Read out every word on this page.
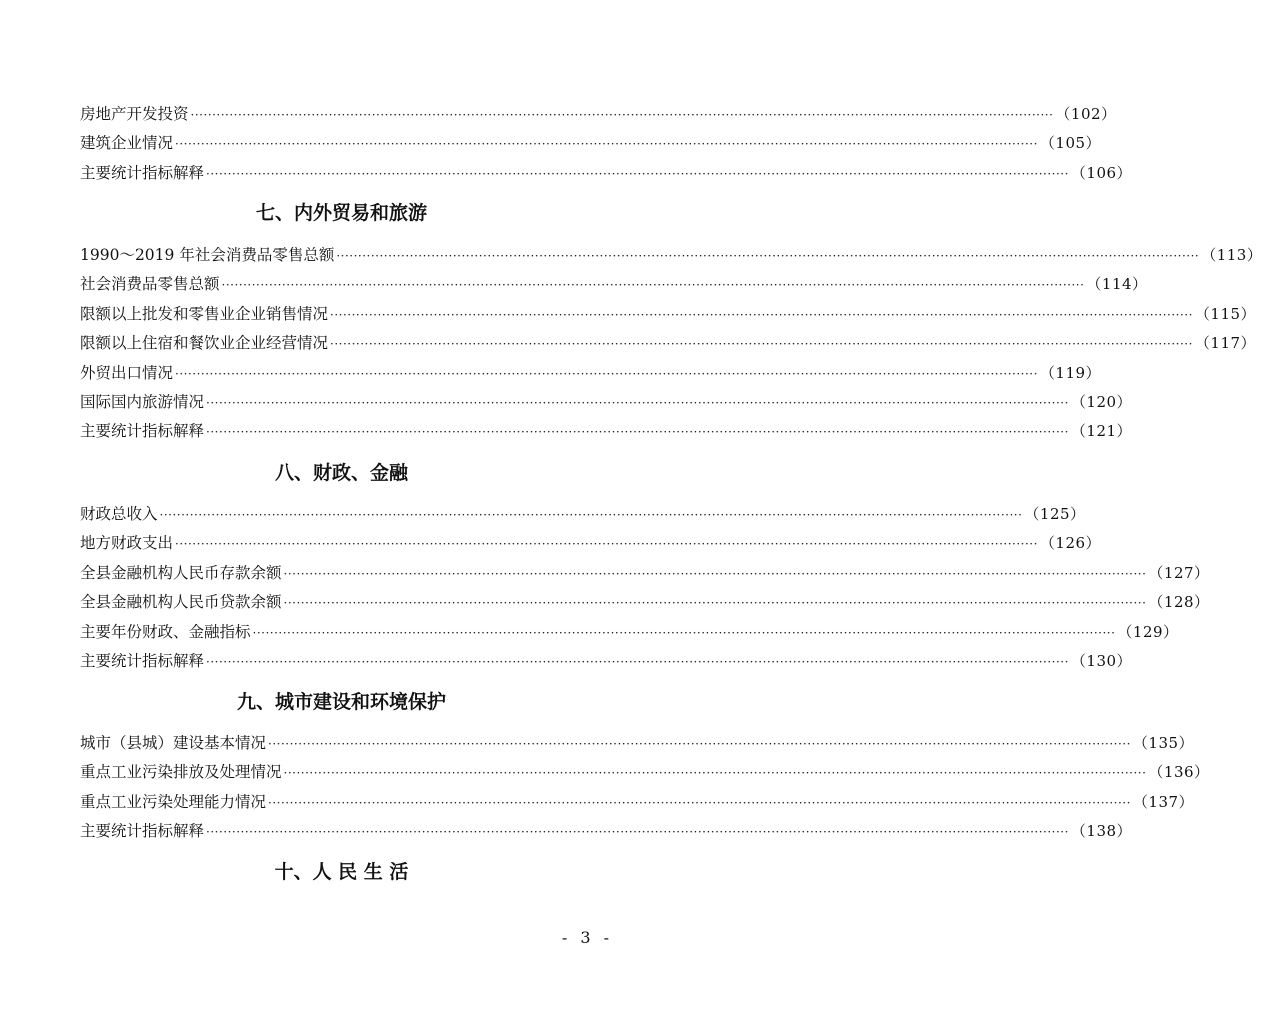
房地产开发投资 ········································································································································································································ （102）
建筑企业情况 ········································································································································································································ （105）
主要统计指标解释 ········································································································································································································ （106）
七、内外贸易和旅游
1990～2019 年社会消费品零售总额 ········································································································································································································ （113）
社会消费品零售总额 ········································································································································································································ （114）
限额以上批发和零售业企业销售情况 ········································································································································································································ （115）
限额以上住宿和餐饮业企业经营情况 ········································································································································································································ （117）
外贸出口情况 ········································································································································································································ （119）
国际国内旅游情况 ········································································································································································································ （120）
主要统计指标解释 ········································································································································································································ （121）
八、财政、金融
财政总收入 ········································································································································································································ （125）
地方财政支出 ········································································································································································································ （126）
全县金融机构人民币存款余额 ········································································································································································································ （127）
全县金融机构人民币贷款余额 ········································································································································································································ （128）
主要年份财政、金融指标 ········································································································································································································ （129）
主要统计指标解释 ········································································································································································································ （130）
九、城市建设和环境保护
城市（县城）建设基本情况 ········································································································································································································ （135）
重点工业污染排放及处理情况 ········································································································································································································ （136）
重点工业污染处理能力情况 ········································································································································································································ （137）
主要统计指标解释 ········································································································································································································ （138）
十、人 民 生 活
- 3 -
